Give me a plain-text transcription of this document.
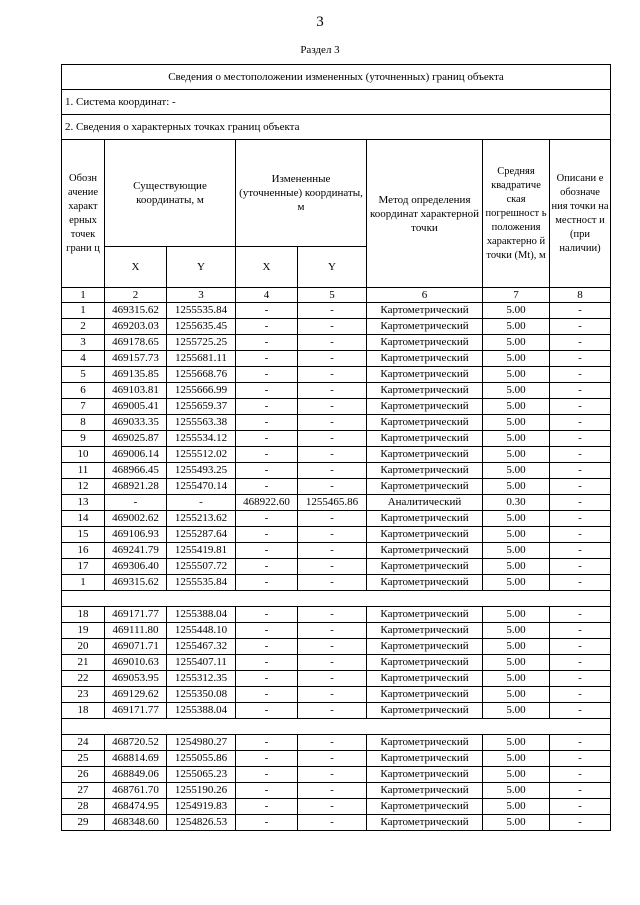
3
Раздел 3
Сведения о местоположении измененных (уточненных) границ объекта							
1. Система координат: -							
2. Сведения о характерных точках границ объекта							
Обозн ачение характ ерных точек грани ц	Существующие координаты, м		Измененные (уточненные) координаты, м		Метод определения координат характерной точки	Средняя квадратиче ская погрешност ь положения характерно й точки (Mt), м	Описани е обозначе ния точки на местност и (при наличии)
	X	Y	X	Y			
1	2	3	4	5	6	7	8
1	469315.62	1255535.84	-	-	Картометрический	5.00	-
2	469203.03	1255635.45	-	-	Картометрический	5.00	-
3	469178.65	1255725.25	-	-	Картометрический	5.00	-
4	469157.73	1255681.11	-	-	Картометрический	5.00	-
5	469135.85	1255668.76	-	-	Картометрический	5.00	-
6	469103.81	1255666.99	-	-	Картометрический	5.00	-
7	469005.41	1255659.37	-	-	Картометрический	5.00	-
8	469033.35	1255563.38	-	-	Картометрический	5.00	-
9	469025.87	1255534.12	-	-	Картометрический	5.00	-
10	469006.14	1255512.02	-	-	Картометрический	5.00	-
11	468966.45	1255493.25	-	-	Картометрический	5.00	-
12	468921.28	1255470.14	-	-	Картометрический	5.00	-
13	-	-	468922.60	1255465.86	Аналитический	0.30	-
14	469002.62	1255213.62	-	-	Картометрический	5.00	-
15	469106.93	1255287.64	-	-	Картометрический	5.00	-
16	469241.79	1255419.81	-	-	Картометрический	5.00	-
17	469306.40	1255507.72	-	-	Картометрический	5.00	-
1	469315.62	1255535.84	-	-	Картометрический	5.00	-

18	469171.77	1255388.04	-	-	Картометрический	5.00	-
19	469111.80	1255448.10	-	-	Картометрический	5.00	-
20	469071.71	1255467.32	-	-	Картометрический	5.00	-
21	469010.63	1255407.11	-	-	Картометрический	5.00	-
22	469053.95	1255312.35	-	-	Картометрический	5.00	-
23	469129.62	1255350.08	-	-	Картометрический	5.00	-
18	469171.77	1255388.04	-	-	Картометрический	5.00	-

24	468720.52	1254980.27	-	-	Картометрический	5.00	-
25	468814.69	1255055.86	-	-	Картометрический	5.00	-
26	468849.06	1255065.23	-	-	Картометрический	5.00	-
27	468761.70	1255190.26	-	-	Картометрический	5.00	-
28	468474.95	1254919.83	-	-	Картометрический	5.00	-
29	468348.60	1254826.53	-	-	Картометрический	5.00	-
